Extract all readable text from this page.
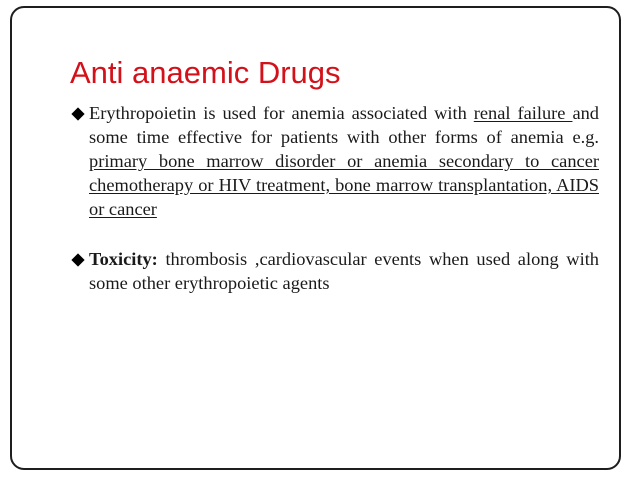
Anti anaemic Drugs
Erythropoietin is used for anemia associated with renal failure and some time effective for patients with other forms of anemia e.g. primary bone marrow disorder or anemia secondary to cancer chemotherapy or HIV treatment, bone marrow transplantation, AIDS or cancer
Toxicity: thrombosis ,cardiovascular events when used along with some other erythropoietic agents
